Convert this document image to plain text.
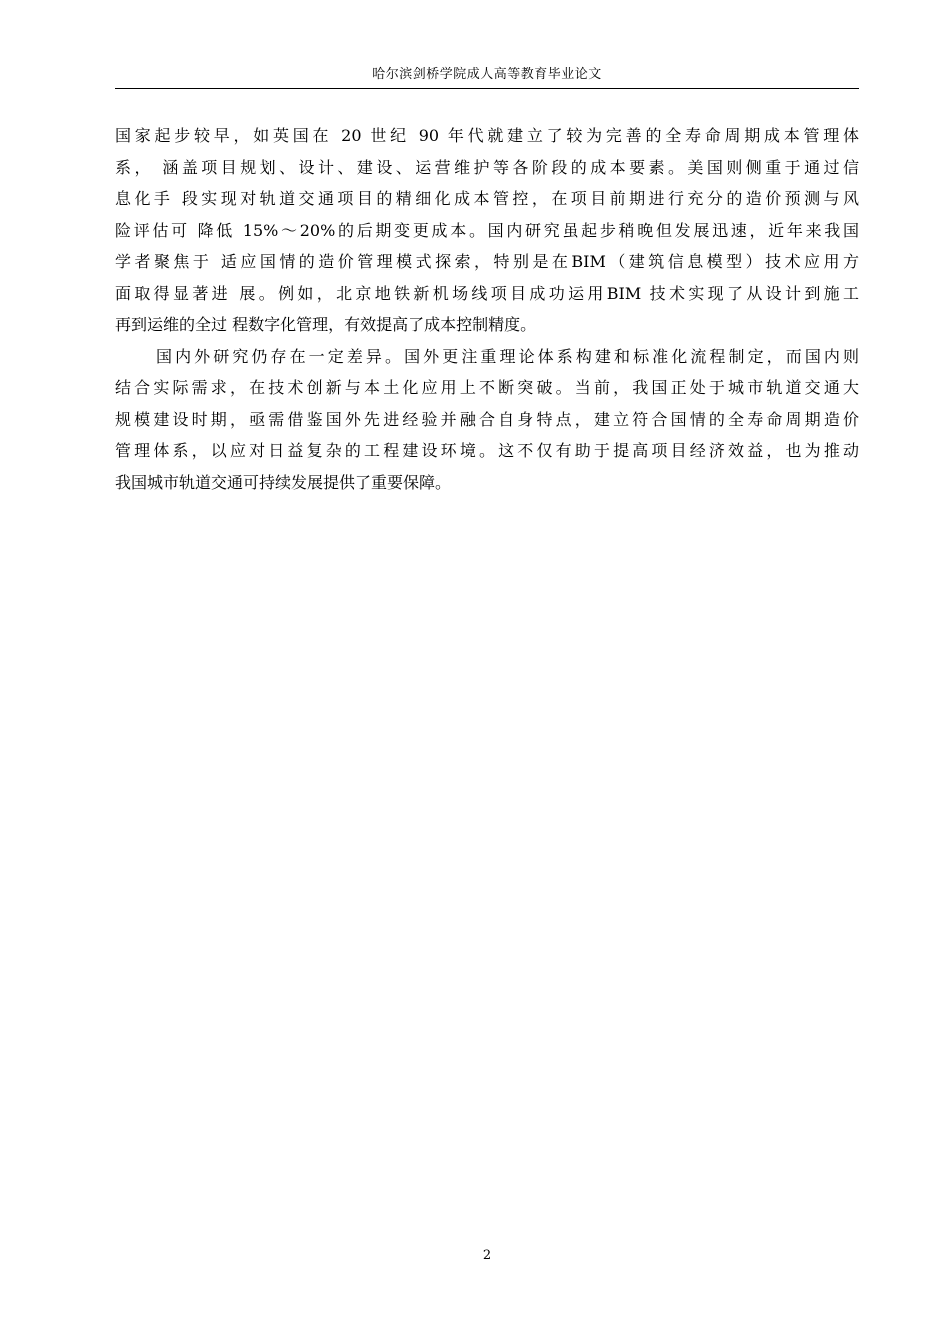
哈尔滨剑桥学院成人高等教育毕业论文
国家起步较早，如英国在 20 世纪 90 年代就建立了较为完善的全寿命周期成本管理体
系， 涵盖项目规划、设计、建设、运营维护等各阶段的成本要素。美国则侧重于通过信
息化手 段实现对轨道交通项目的精细化成本管控，在项目前期进行充分的造价预测与风
险评估可 降低 15%～20%的后期变更成本。国内研究虽起步稍晚但发展迅速，近年来我国
学者聚焦于 适应国情的造价管理模式探索，特别是在BIM（建筑信息模型）技术应用方
面取得显著进 展。例如，北京地铁新机场线项目成功运用BIM 技术实现了从设计到施工
再到运维的全过 程数字化管理，有效提高了成本控制精度。
国内外研究仍存在一定差异。国外更注重理论体系构建和标准化流程制定，而国内则
结合实际需求，在技术创新与本土化应用上不断突破。当前，我国正处于城市轨道交通大
规模建设时期，亟需借鉴国外先进经验并融合自身特点，建立符合国情的全寿命周期造价
管理体系，以应对日益复杂的工程建设环境。这不仅有助于提高项目经济效益，也为推动
我国城市轨道交通可持续发展提供了重要保障。
2
